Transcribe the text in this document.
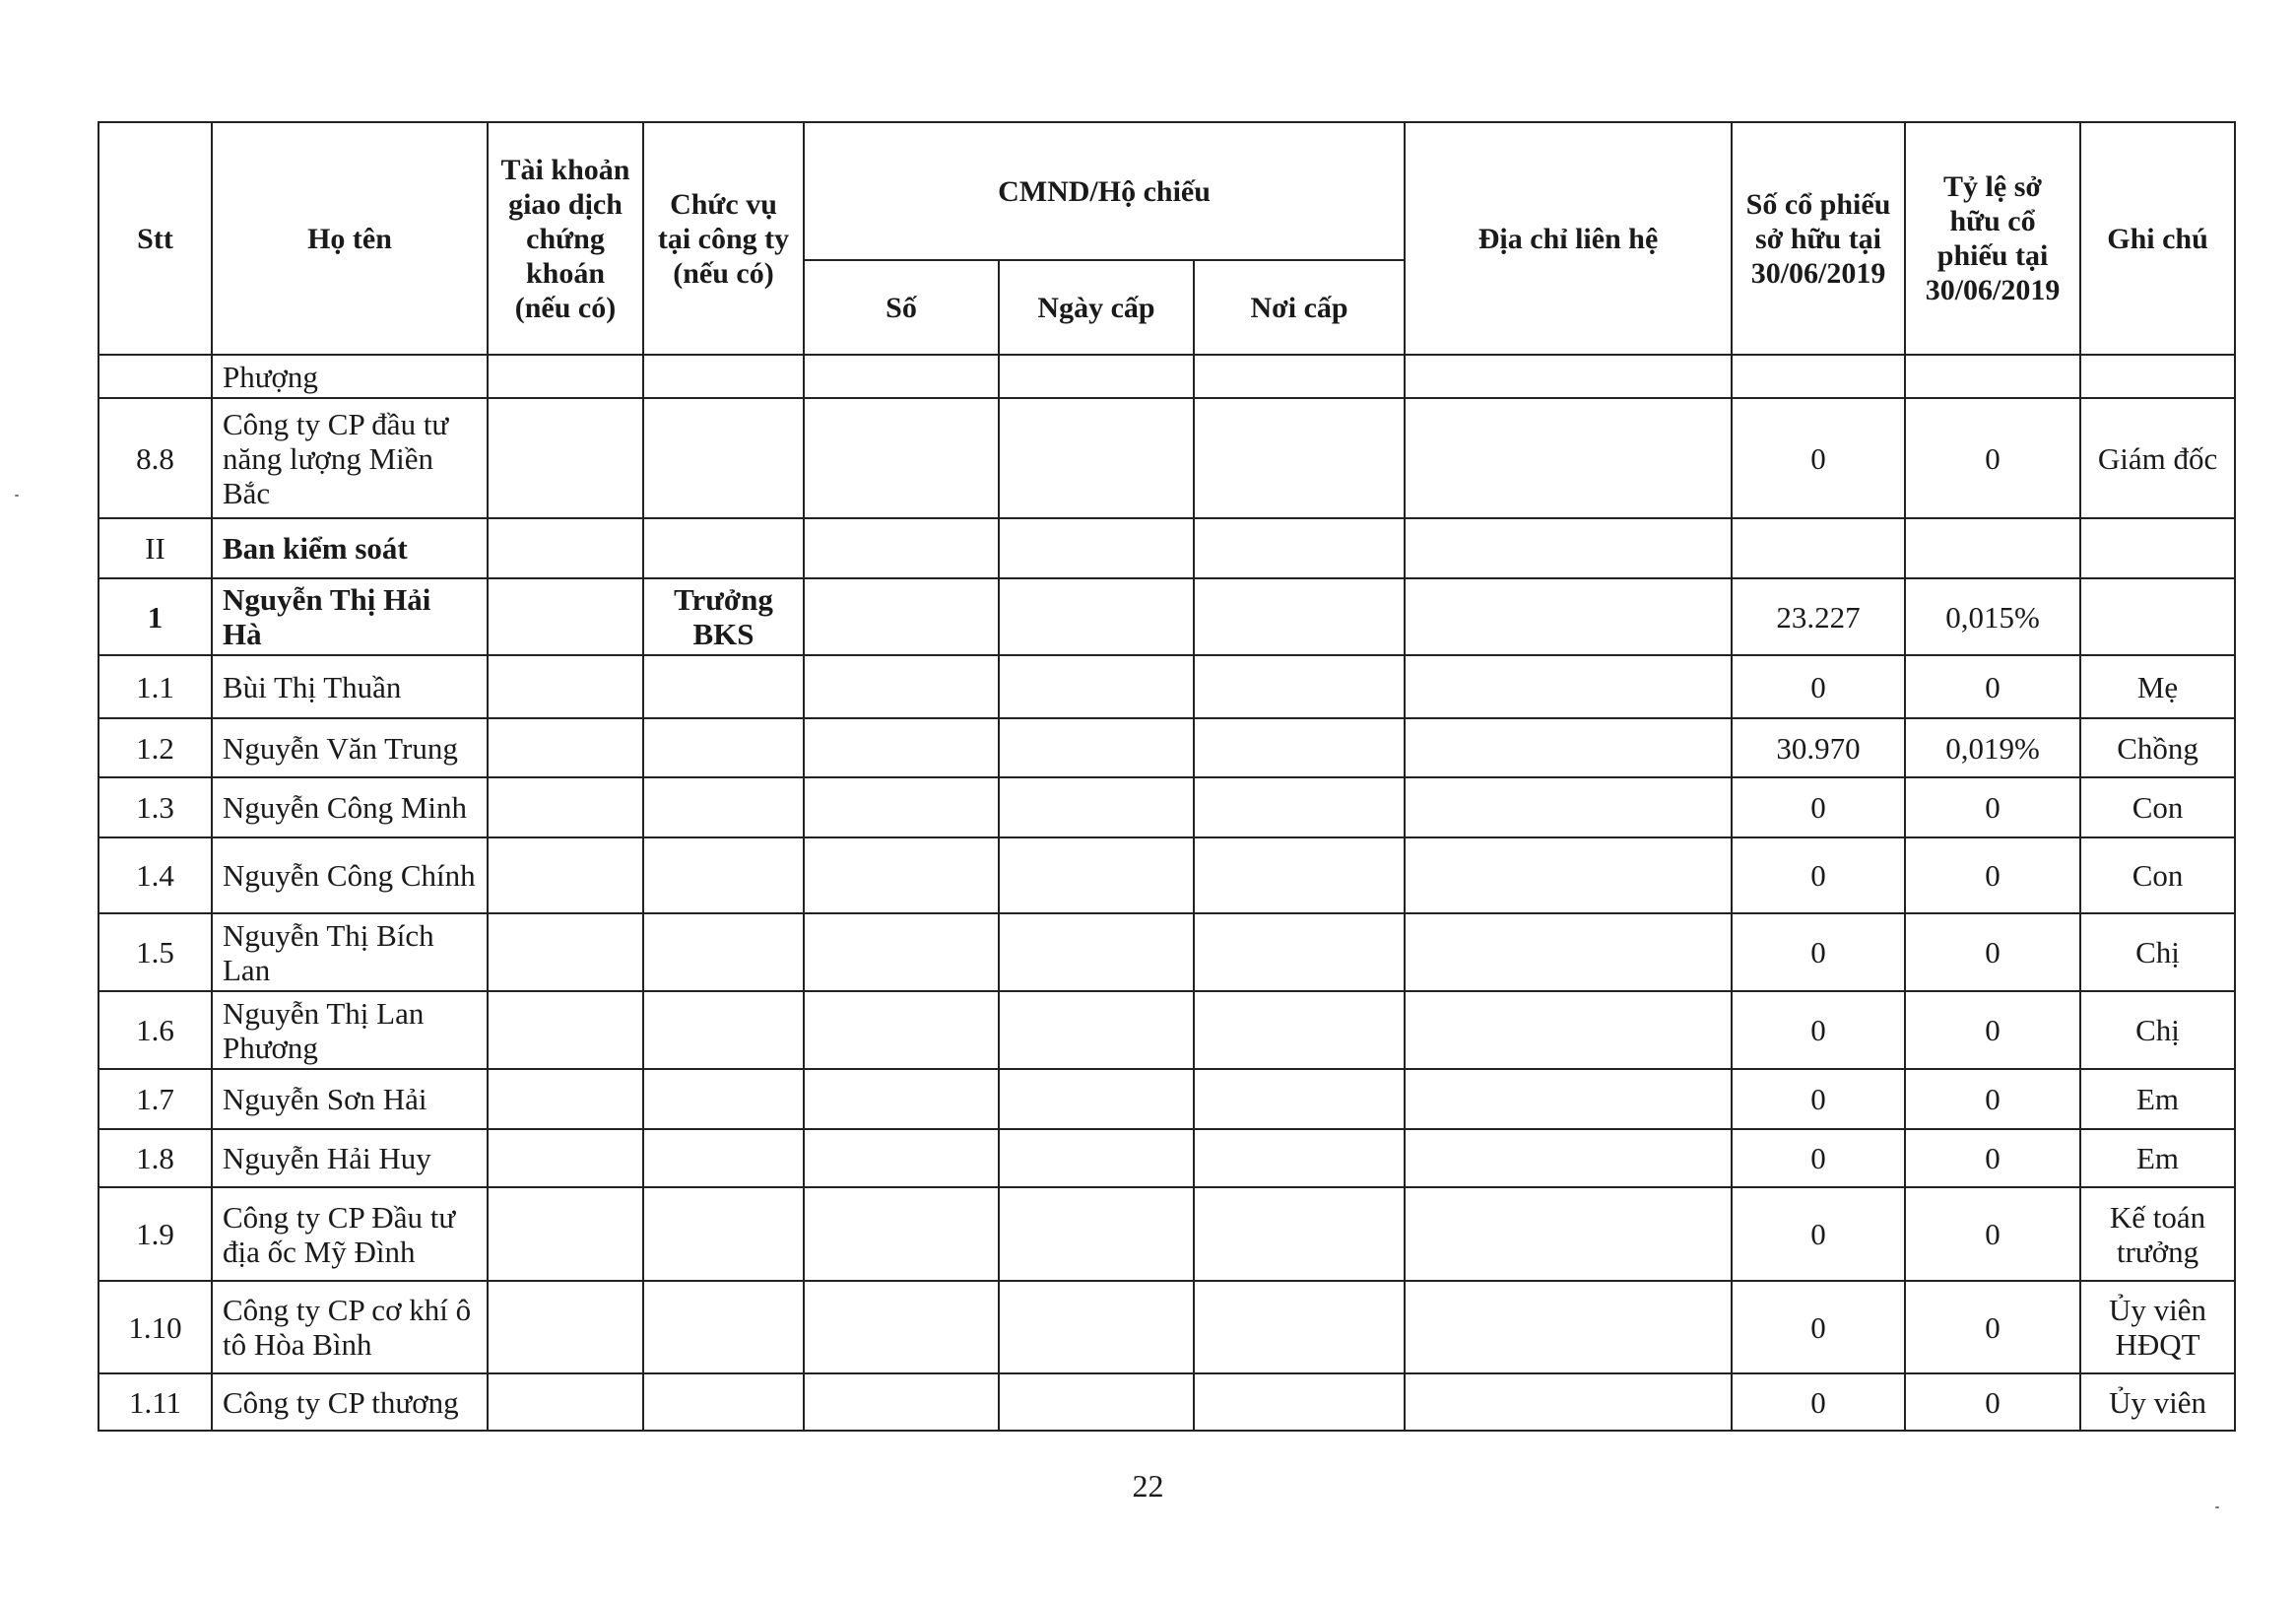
Stt	Họ tên	Tài khoản giao dịch chứng khoán (nếu có)	Chức vụ tại công ty (nếu có)	CMND/Hộ chiếu			Địa chỉ liên hệ	Số cổ phiếu sở hữu tại 30/06/2019	Tỷ lệ sở hữu cổ phiếu tại 30/06/2019	Ghi chú
				Số	Ngày cấp	Nơi cấp				
	Phượng									
8.8	Công ty CP đầu tư năng lượng Miền Bắc							0	0	Giám đốc
II	Ban kiểm soát									
1	Nguyễn Thị Hải Hà		Trưởng BKS					23.227	0,015%	
1.1	Bùi Thị Thuần							0	0	Mẹ
1.2	Nguyễn Văn Trung							30.970	0,019%	Chồng
1.3	Nguyễn Công Minh							0	0	Con
1.4	Nguyễn Công Chính							0	0	Con
1.5	Nguyễn Thị Bích Lan							0	0	Chị
1.6	Nguyễn Thị Lan Phương							0	0	Chị
1.7	Nguyễn Sơn Hải							0	0	Em
1.8	Nguyễn Hải Huy							0	0	Em
1.9	Công ty CP Đầu tư địa ốc Mỹ Đình							0	0	Kế toán trưởng
1.10	Công ty CP cơ khí ô tô Hòa Bình							0	0	Ủy viên HĐQT
1.11	Công ty CP thương							0	0	Ủy viên
22
